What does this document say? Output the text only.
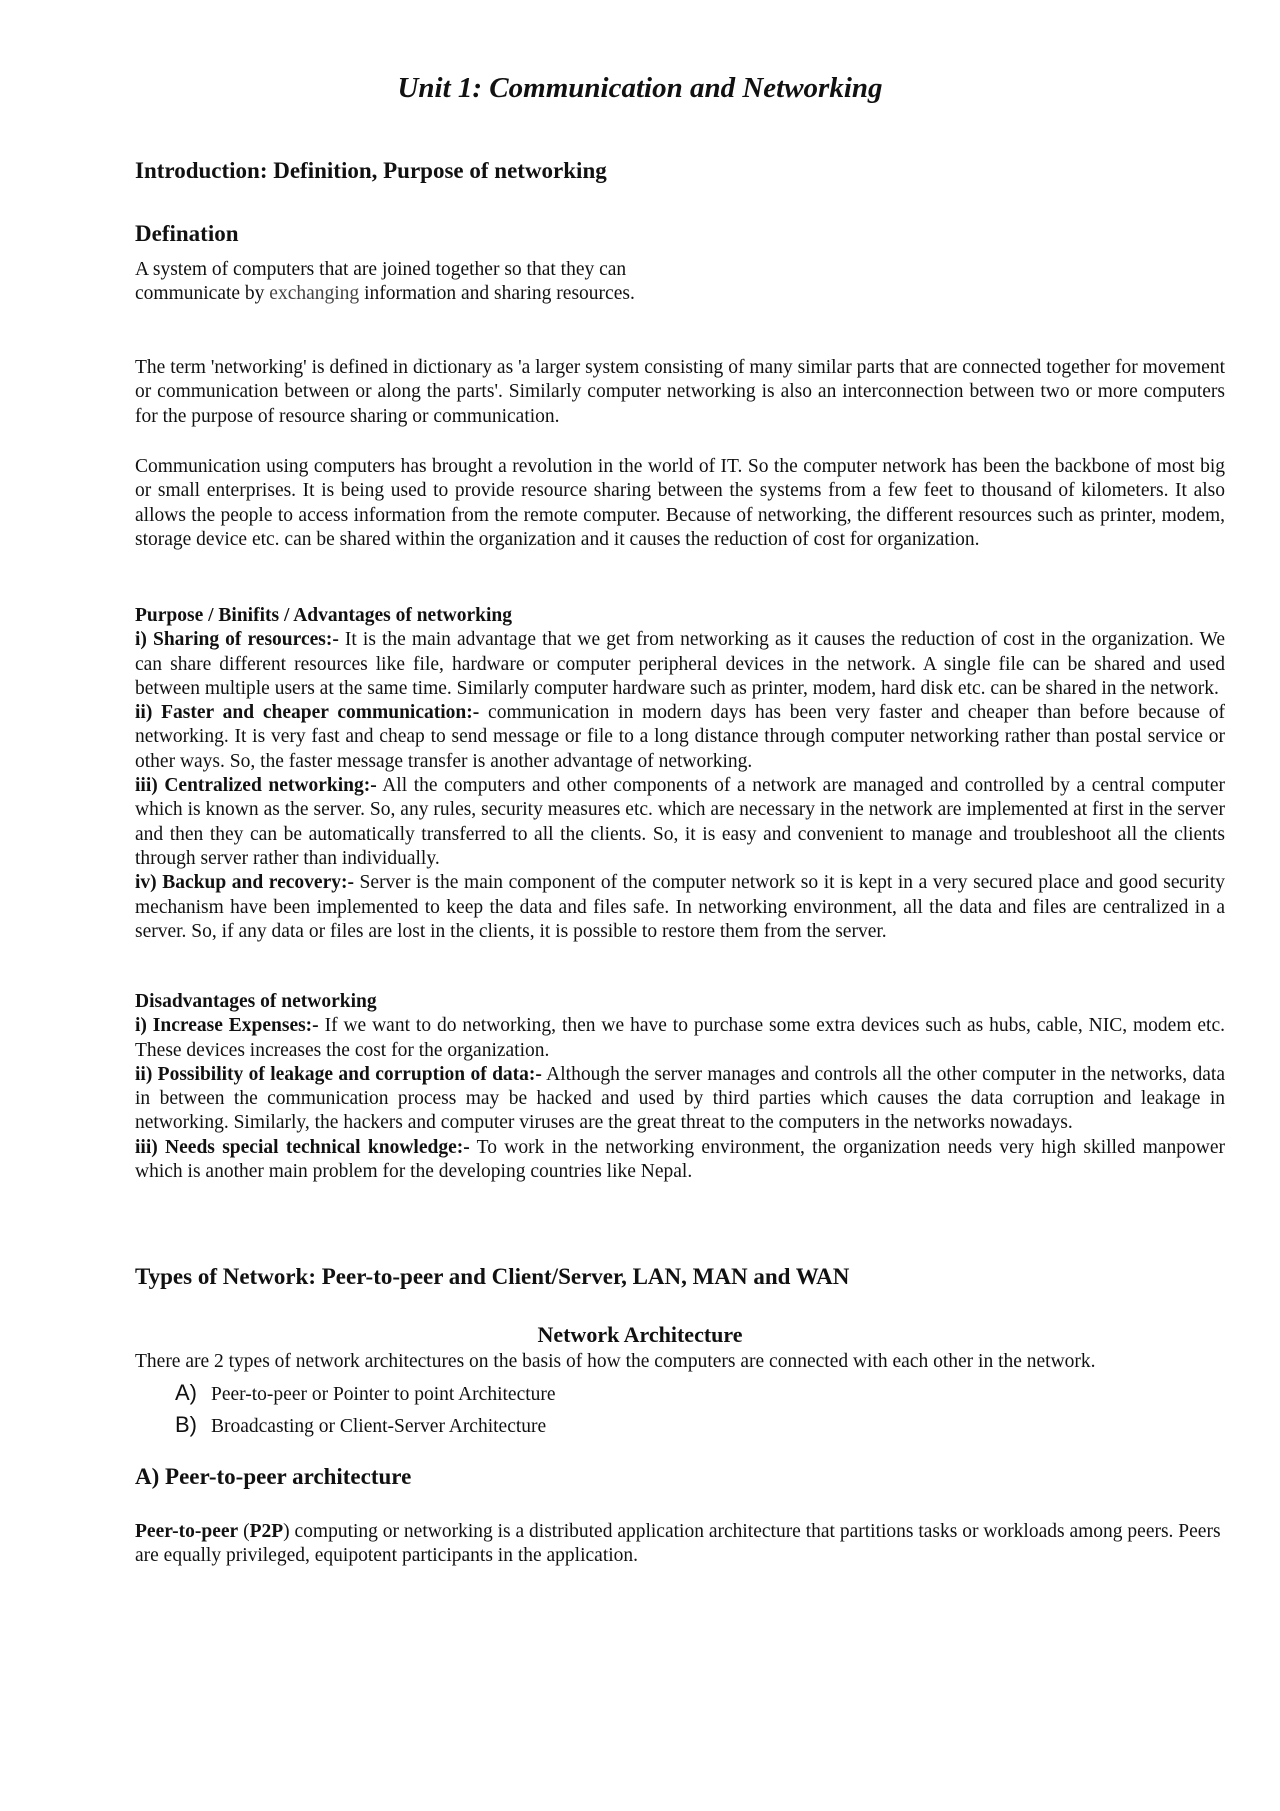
Unit 1: Communication and Networking
Introduction: Definition, Purpose of networking
Defination
A system of computers that are joined together so that they can
communicate by exchanging information and sharing resources.

The term 'networking' is defined in dictionary as 'a larger system consisting of many similar parts that are connected together for movement or communication between or along the parts'. Similarly computer networking is also an interconnection between two or more computers for the purpose of resource sharing or communication.

Communication using computers has brought a revolution in the world of IT. So the computer network has been the backbone of most big or small enterprises. It is being used to provide resource sharing between the systems from a few feet to thousand of kilometers. It also allows the people to access information from the remote computer. Because of networking, the different resources such as printer, modem, storage device etc. can be shared within the organization and it causes the reduction of cost for organization.

Purpose / Binifits / Advantages of networking
i) Sharing of resources:- It is the main advantage that we get from networking as it causes the reduction of cost in the organization. We can share different resources like file, hardware or computer peripheral devices in the network. A single file can be shared and used between multiple users at the same time. Similarly computer hardware such as printer, modem, hard disk etc. can be shared in the network.
ii) Faster and cheaper communication:- communication in modern days has been very faster and cheaper than before because of networking. It is very fast and cheap to send message or file to a long distance through computer networking rather than postal service or other ways. So, the faster message transfer is another advantage of networking.
iii) Centralized networking:- All the computers and other components of a network are managed and controlled by a central computer which is known as the server. So, any rules, security measures etc. which are necessary in the network are implemented at first in the server and then they can be automatically transferred to all the clients. So, it is easy and convenient to manage and troubleshoot all the clients through server rather than individually.
iv) Backup and recovery:- Server is the main component of the computer network so it is kept in a very secured place and good security mechanism have been implemented to keep the data and files safe. In networking environment, all the data and files are centralized in a server. So, if any data or files are lost in the clients, it is possible to restore them from the server.
Disadvantages of networking
i) Increase Expenses:- If we want to do networking, then we have to purchase some extra devices such as hubs, cable, NIC, modem etc. These devices increases the cost for the organization.
ii) Possibility of leakage and corruption of data:- Although the server manages and controls all the other computer in the networks, data in between the communication process may be hacked and used by third parties which causes the data corruption and leakage in networking. Similarly, the hackers and computer viruses are the great threat to the computers in the networks nowadays.
iii) Needs special technical knowledge:- To work in the networking environment, the organization needs very high skilled manpower which is another main problem for the developing countries like Nepal.
Types of Network: Peer-to-peer and Client/Server, LAN, MAN and WAN
Network Architecture

There are 2 types of network architectures on the basis of how the computers are connected with each other in the network.

A) Peer-to-peer or Pointer to point Architecture
B) Broadcasting or Client-Server Architecture
A) Peer-to-peer architecture

Peer-to-peer (P2P) computing or networking is a distributed application architecture that partitions tasks or workloads among peers. Peers are equally privileged, equipotent participants in the application.
